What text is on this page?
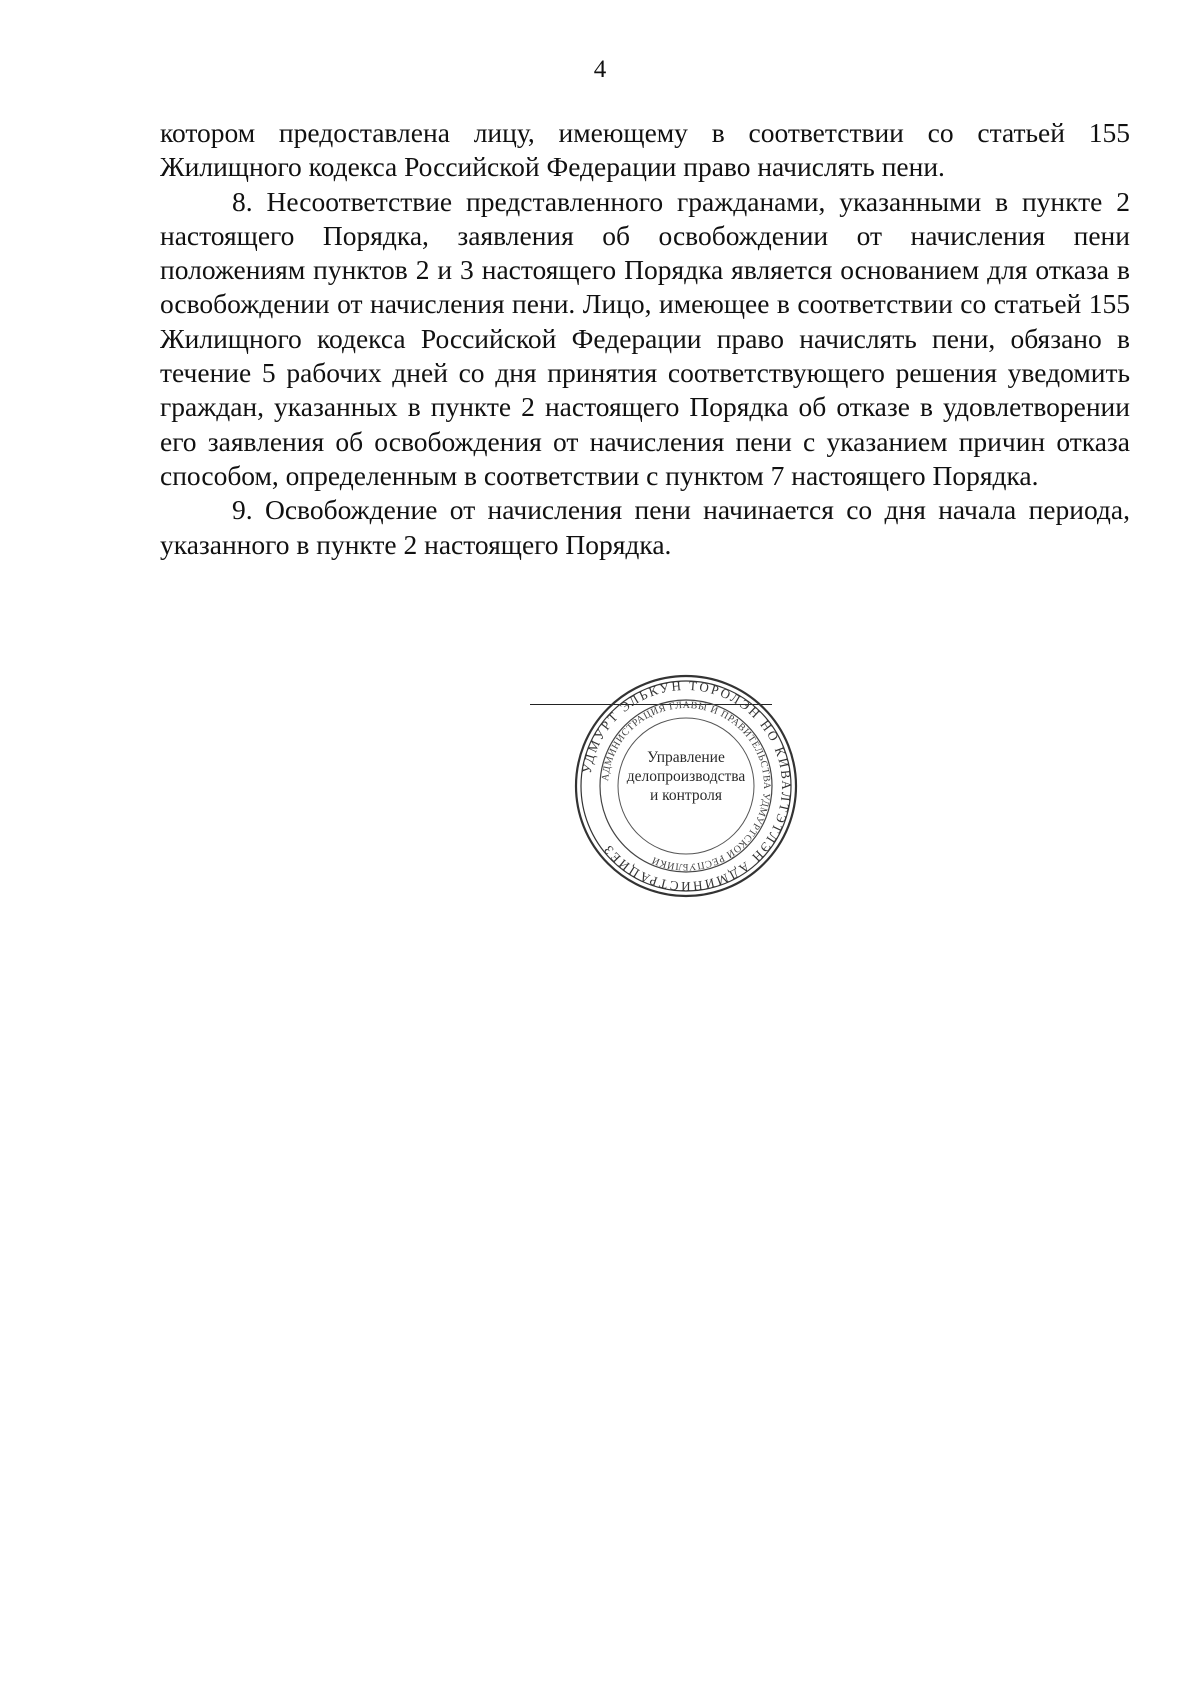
4

котором предоставлена лицу, имеющему в соответствии со статьей 155 Жилищного кодекса Российской Федерации право начислять пени.

8. Несоответствие представленного гражданами, указанными в пункте 2 настоящего Порядка, заявления об освобождении от начисления пени положениям пунктов 2 и 3 настоящего Порядка является основанием для отказа в освобождении от начисления пени. Лицо, имеющее в соответствии со статьей 155 Жилищного кодекса Российской Федерации право начислять пени, обязано в течение 5 рабочих дней со дня принятия соответствующего решения уведомить граждан, указанных в пункте 2 настоящего Порядка об отказе в удовлетворении его заявления об освобождения от начисления пени с указанием причин отказа способом, определенным в соответствии с пунктом 7 настоящего Порядка.

9. Освобождение от начисления пени начинается со дня начала периода, указанного в пункте 2 настоящего Порядка.

УДМУРТ ЭЛЬКУН ТОРОЛЭН НО КИВАЛТЭТЛЭН АДМИНИСТРАЦИЕЗ
АДМИНИСТРАЦИЯ ГЛАВЫ И ПРАВИТЕЛЬСТВА УДМУРТСКОЙ РЕСПУБЛИКИ
Управление
делопроизводства
и контроля
